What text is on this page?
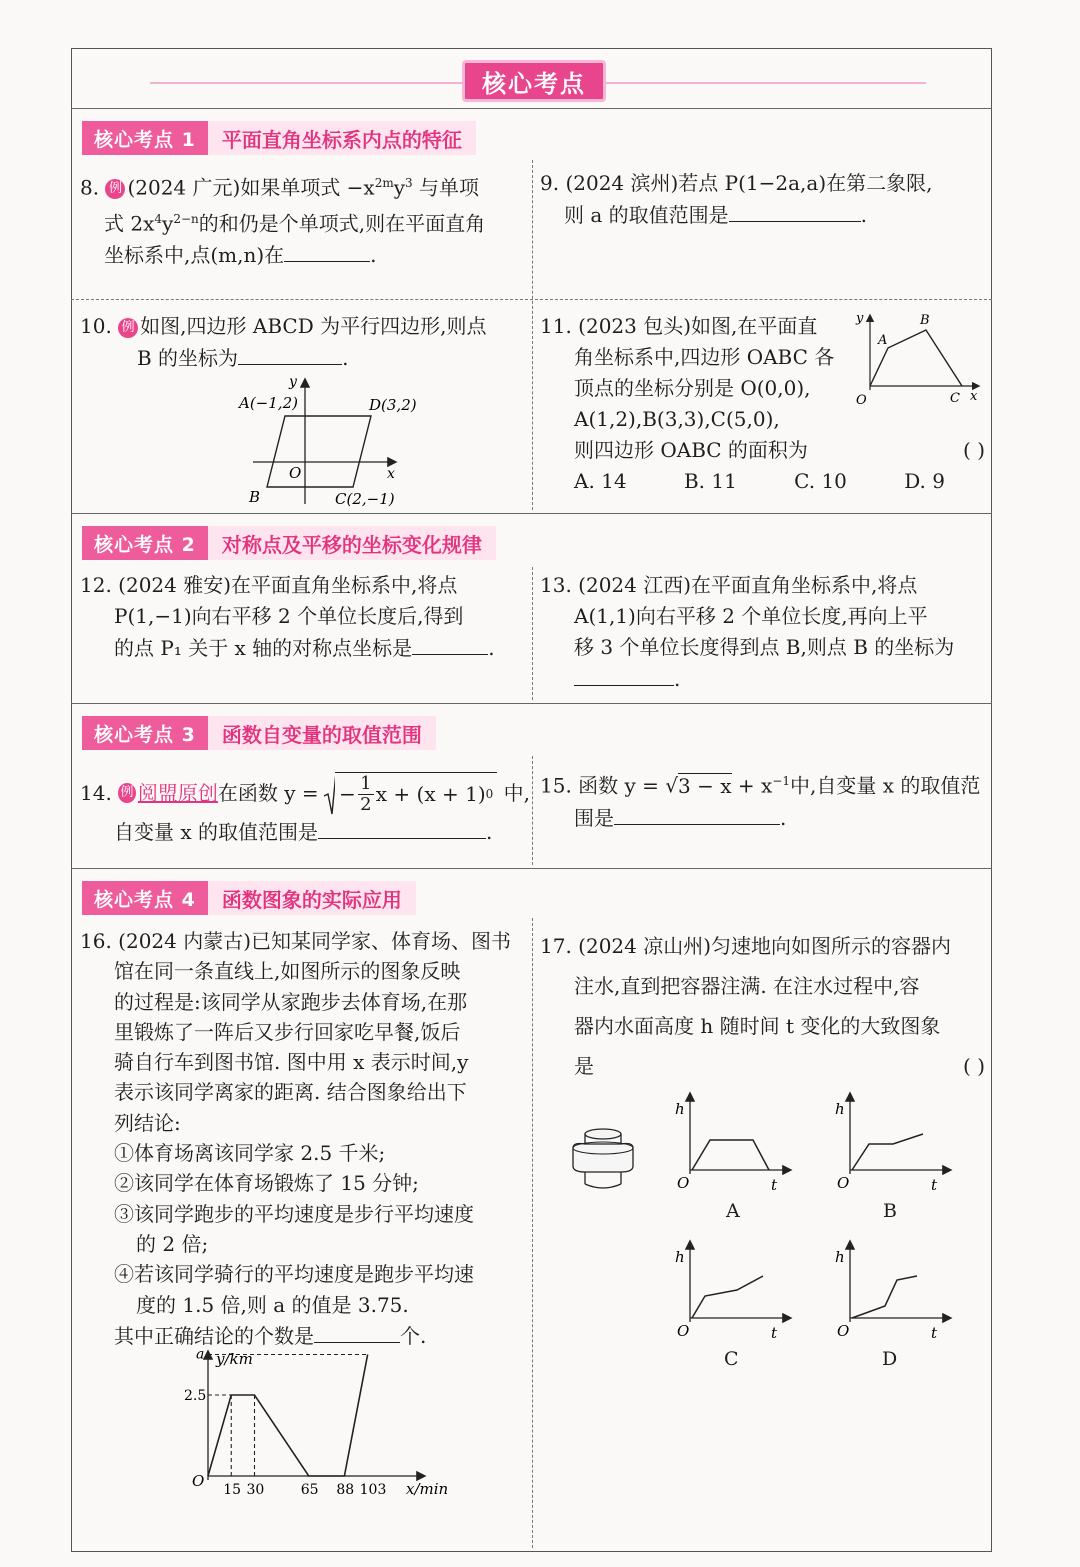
核心考点
核心考点 1	平面直角坐标系内点的特征
8. 例 (2024 广元)如果单项式 $-x^{2m}y^3$ 与单项
式 $2x^4y^{2-n}$的和仍是个单项式,则在平面直角
坐标系中,点(m,n)在	.
9. (2024 滨州)若点 P(1−2a,a)在第二象限,
则 a 的取值范围是	.
10. 例 如图,四边形 ABCD 为平行四边形,则点
B 的坐标为	.
A(−1,2)	D(3,2)
B	C(2,−1)
O	x
y
11. (2023 包头)如图,在平面直
角坐标系中,四边形 OABC 各
顶点的坐标分别是 O(0,0),
A(1,2),B(3,3),C(5,0),
则四边形 OABC 的面积为	( )
A. 14	B. 11	C. 10	D. 9
A
B
C
O	x
y
核心考点 2	对称点及平移的坐标变化规律
12. (2024 雅安)在平面直角坐标系中,将点
P(1,−1)向右平移 2 个单位长度后,得到
的点 P₁ 关于 x 轴的对称点坐标是	.
13. (2024 江西)在平面直角坐标系中,将点
A(1,1)向右平移 2 个单位长度,再向上平
移 3 个单位长度得到点 B,则点 B 的坐标为
.
核心考点 3	函数自变量的取值范围
14.
例 阅盟原创 在函数 y = − $\frac{1}{2}$ x + (x + 1) 0
中,
自变量 x 的取值范围是	.
15. 函数 $y = √3 - x + x^{-1}$中,自变量 x 的取值范
围是	.
核心考点 4	函数图象的实际应用
16. (2024 内蒙古)已知某同学家、体育场、图书
馆在同一条直线上,如图所示的图象反映
的过程是:该同学从家跑步去体育场,在那
里锻炼了一阵后又步行回家吃早餐,饭后
骑自行车到图书馆. 图中用 x 表示时间,y
表示该同学离家的距离. 结合图象给出下
列结论:
①体育场离该同学家 2.5 千米;
②该同学在体育场锻炼了 15 分钟;
③该同学跑步的平均速度是步行平均速度
的 2 倍;
④若该同学骑行的平均速度是跑步平均速
度的 1.5 倍,则 a 的值是 3.75.
其中正确结论的个数是	个.
15 30	65 88 103
2.5
a y/km
x/min
O
17. (2024 凉山州)匀速地向如图所示的容器内
注水,直到把容器注满. 在注水过程中,容
器内水面高度 h 随时间 t 变化的大致图象
是	( )
h
t
O
A
h
t
O
B
h
t
O
C
h
t
O
D
